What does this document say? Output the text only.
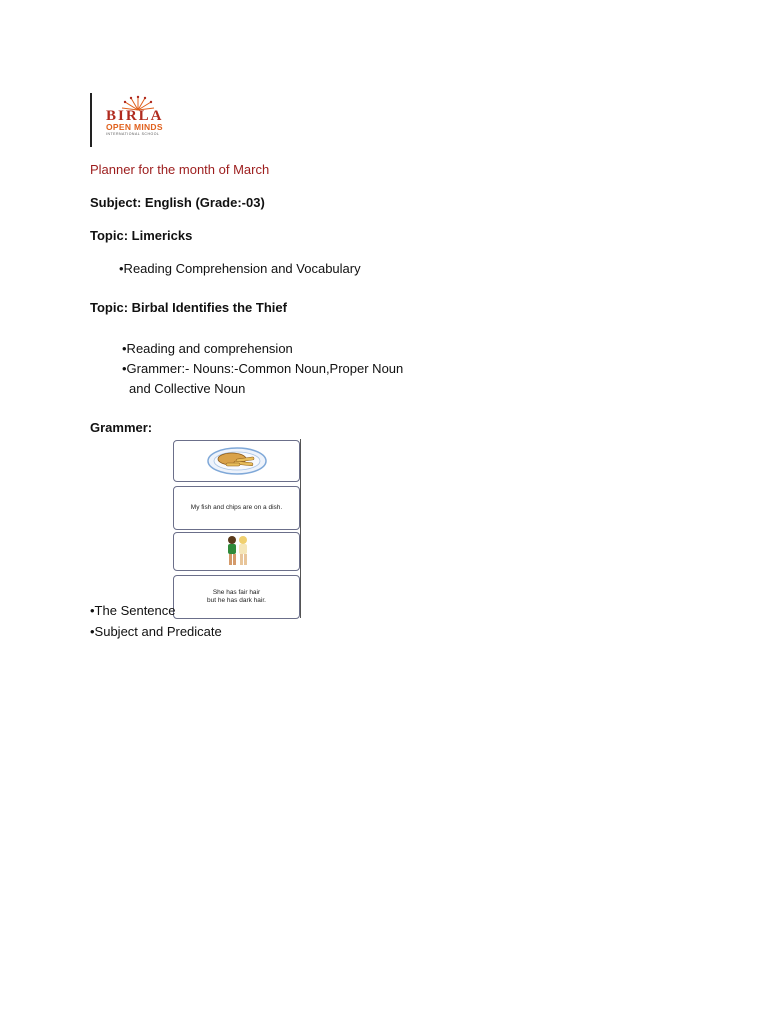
BIRLA
OPEN MINDS
INTERNATIONAL SCHOOL
Planner for the month of March
Subject: English (Grade:-03)
Topic: Limericks
•Reading Comprehension and Vocabulary
Topic: Birbal Identifies the Thief
•Reading and comprehension
•Grammer:- Nouns:-Common Noun,Proper Noun
and Collective Noun
Grammer:
My fish and chips are on a dish.
She has fair hair
but he has dark hair.
•The Sentence
•Subject and Predicate
